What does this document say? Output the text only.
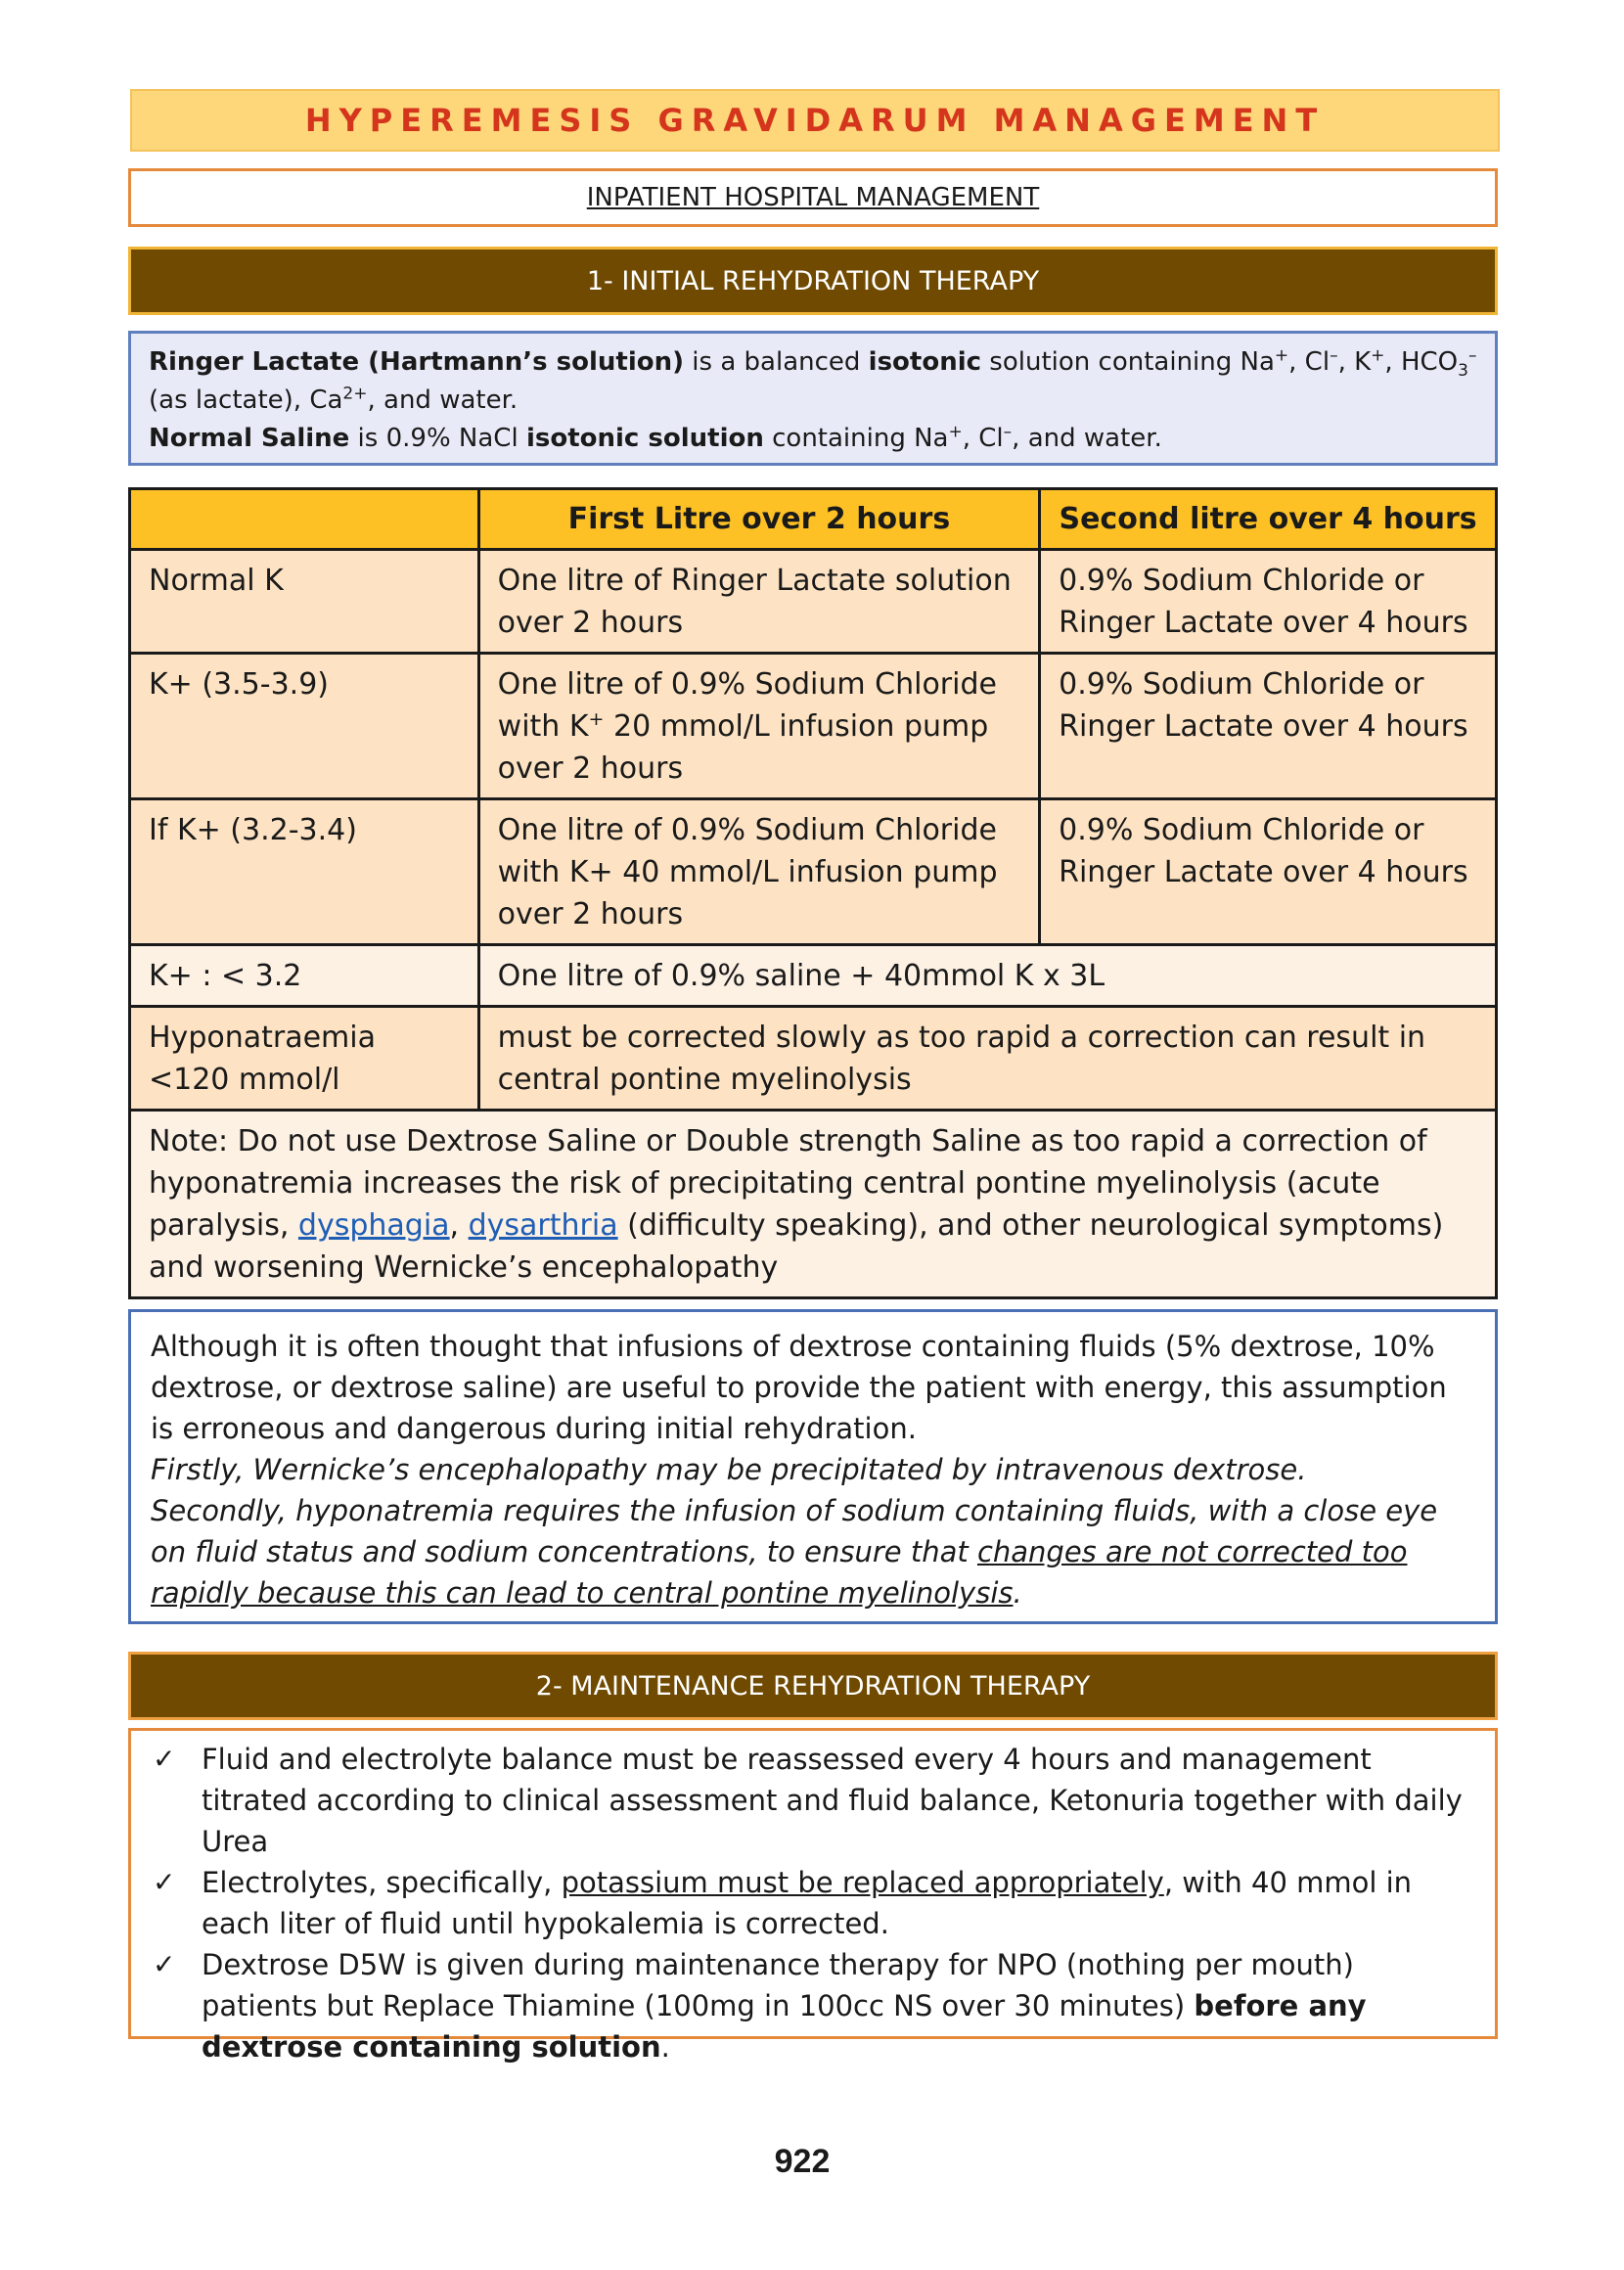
HYPEREMESIS GRAVIDARUM MANAGEMENT
INPATIENT HOSPITAL MANAGEMENT
1- INITIAL REHYDRATION THERAPY
Ringer Lactate (Hartmann’s solution) is a balanced isotonic solution containing Na+, Cl–, K+, $HCO_3^-$ (as lactate), $Ca^{2+}$, and water.
Normal Saline is 0.9% NaCl isotonic solution containing Na+, Cl–, and water.
	First Litre over 2 hours	Second litre over 4 hours
Normal K	One litre of Ringer Lactate solution over 2 hours	0.9% Sodium Chloride or Ringer Lactate over 4 hours
K+ (3.5-3.9)	One litre of 0.9% Sodium Chloride with K+ 20 mmol/L infusion pump over 2 hours	0.9% Sodium Chloride or Ringer Lactate over 4 hours
If K+ (3.2-3.4)	One litre of 0.9% Sodium Chloride with K+ 40 mmol/L infusion pump over 2 hours	0.9% Sodium Chloride or Ringer Lactate over 4 hours
K+ : < 3.2	One litre of 0.9% saline + 40mmol K x 3L	
Hyponatraemia <120 mmol/l	must be corrected slowly as too rapid a correction can result in central pontine myelinolysis	
Note: Do not use Dextrose Saline or Double strength Saline as too rapid a correction of hyponatremia increases the risk of precipitating central pontine myelinolysis (acute paralysis, dysphagia, dysarthria (difficulty speaking), and other neurological symptoms) and worsening Wernicke’s encephalopathy		

Although it is often thought that infusions of dextrose containing fluids (5% dextrose, 10% dextrose, or dextrose saline) are useful to provide the patient with energy, this assumption is erroneous and dangerous during initial rehydration.

Firstly, Wernicke’s encephalopathy may be precipitated by intravenous dextrose.

Secondly, hyponatremia requires the infusion of sodium containing fluids, with a close eye on fluid status and sodium concentrations, to ensure that changes are not corrected too rapidly because this can lead to central pontine myelinolysis.

2- MAINTENANCE REHYDRATION THERAPY
✓ Fluid and electrolyte balance must be reassessed every 4 hours and management titrated according to clinical assessment and fluid balance, Ketonuria together with daily Urea
✓ Electrolytes, specifically, potassium must be replaced appropriately, with 40 mmol in each liter of fluid until hypokalemia is corrected.
✓ Dextrose D5W is given during maintenance therapy for NPO (nothing per mouth) patients but Replace Thiamine (100mg in 100cc NS over 30 minutes) before any dextrose containing solution.
922
